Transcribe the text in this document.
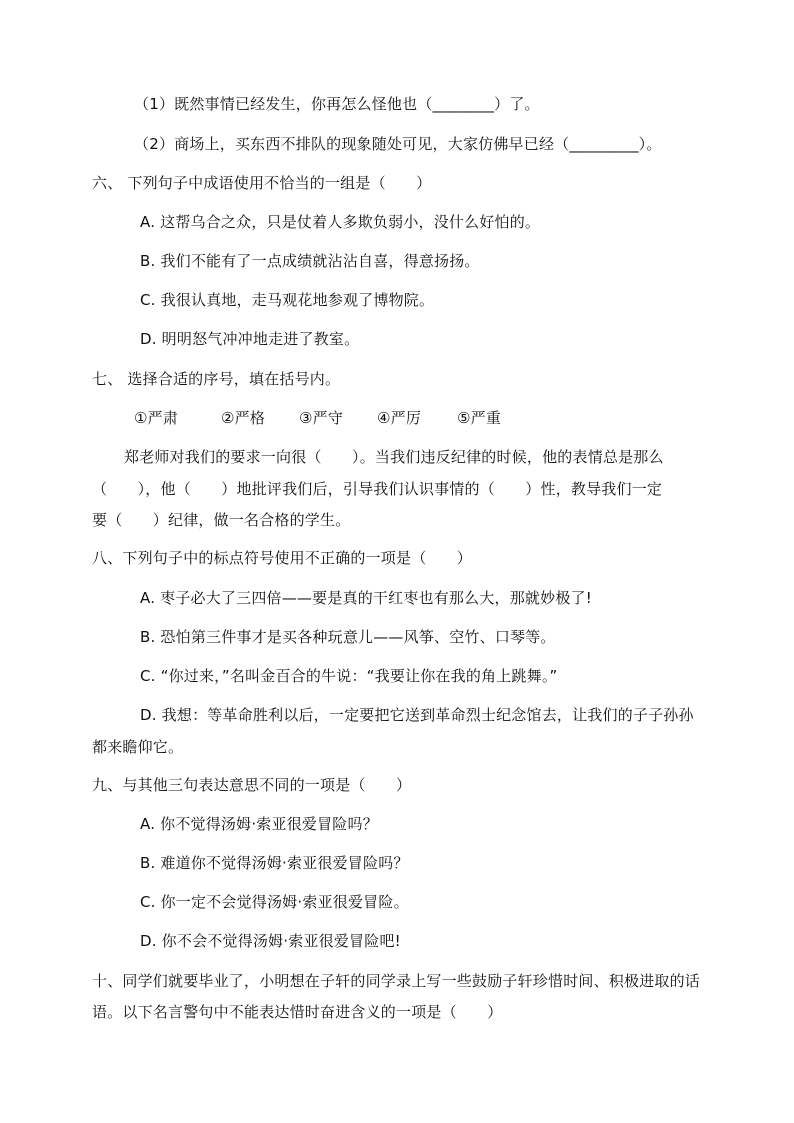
（1）既然事情已经发生，你再怎么怪他也（________）了。
（2）商场上，买东西不排队的现象随处可见，大家仿佛早已经（_________）。
六、 下列句子中成语使用不恰当的一组是（　　）
A. 这帮乌合之众，只是仗着人多欺负弱小，没什么好怕的。
B. 我们不能有了一点成绩就沾沾自喜，得意扬扬。
C. 我很认真地，走马观花地参观了博物院。
D. 明明怒气冲冲地走进了教室。
七、 选择合适的序号，填在括号内。
①严肃	②严格 ③严守 ④严厉 ⑤严重
郑老师对我们的要求一向很（　　）。当我们违反纪律的时候，他的表情总是那么
（　　），他（　　）地批评我们后，引导我们认识事情的（　　）性，教导我们一定
要（　　）纪律，做一名合格的学生。
八、下列句子中的标点符号使用不正确的一项是（　　）
A. 枣子必大了三四倍——要是真的干红枣也有那么大，那就妙极了!
B. 恐怕第三件事才是买各种玩意儿——风筝、空竹、口琴等。
C. “你过来，”名叫金百合的牛说：“我要让你在我的角上跳舞。”
D. 我想：等革命胜利以后，一定要把它送到革命烈士纪念馆去，让我们的子子孙孙
都来瞻仰它。
九、与其他三句表达意思不同的一项是（　　）
A. 你不觉得汤姆·索亚很爱冒险吗？
B. 难道你不觉得汤姆·索亚很爱冒险吗？
C. 你一定不会觉得汤姆·索亚很爱冒险。
D. 你不会不觉得汤姆·索亚很爱冒险吧!
十、同学们就要毕业了，小明想在子轩的同学录上写一些鼓励子轩珍惜时间、积极进取的话
语。以下名言警句中不能表达惜时奋进含义的一项是（　　）
